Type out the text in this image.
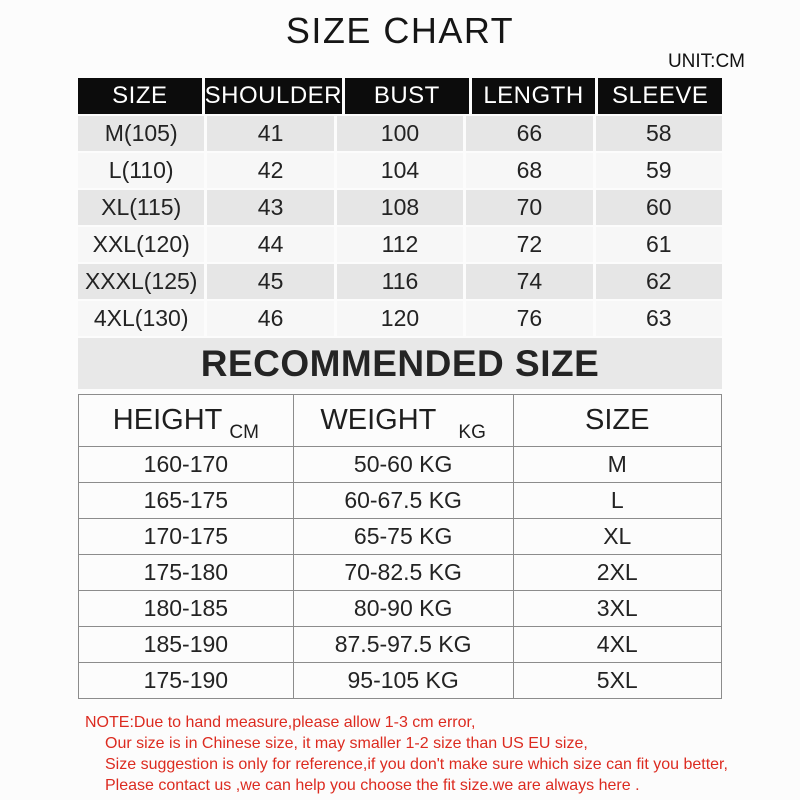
SIZE CHART
UNIT:CM
SIZE	SHOULDER	BUST	LENGTH	SLEEVE
M(105)	41	100	66	58
L(110)	42	104	68	59
XL(115)	43	108	70	60
XXL(120)	44	112	72	61
XXXL(125)	45	116	74	62
4XL(130)	46	120	76	63
RECOMMENDED SIZE
HEIGHT $_{CM}$	WEIGHT $_{KG}$	SIZE
160-170	50-60 KG	M
165-175	60-67.5 KG	L
170-175	65-75 KG	XL
175-180	70-82.5 KG	2XL
180-185	80-90 KG	3XL
185-190	87.5-97.5 KG	4XL
175-190	95-105 KG	5XL
NOTE:Due to hand measure,please allow 1-3 cm error,
Our size is in Chinese size, it may smaller 1-2 size than US EU size,
Size suggestion is only for reference,if you don't make sure which size can fit you better,
Please contact us ,we can help you choose the fit size.we are always here .
